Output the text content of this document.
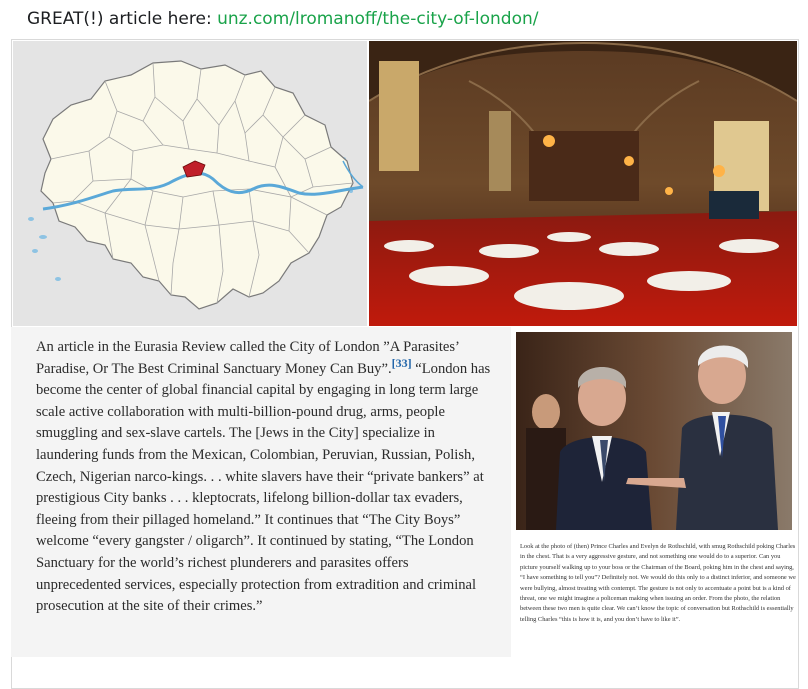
GREAT(!) article here: unz.com/lromanoff/the-city-of-london/
An article in the Eurasia Review called the City of London ”A Parasites’ Paradise, Or The Best Criminal Sanctuary Money Can Buy”.[33] “London has become the center of global financial capital by engaging in long term large scale active collaboration with multi-billion-pound drug, arms, people smuggling and sex-slave cartels. The [Jews in the City] specialize in laundering funds from the Mexican, Colombian, Peruvian, Russian, Polish, Czech, Nigerian narco-kings. . . white slavers have their “private bankers” at prestigious City banks . . . kleptocrats, lifelong billion-dollar tax evaders, fleeing from their pillaged homeland.” It continues that “The City Boys” welcome “every gangster / oligarch”. It continued by stating, “The London Sanctuary for the world’s richest plunderers and parasites offers unprecedented services, especially protection from extradition and criminal prosecution at the site of their crimes.”
Look at the photo of (then) Prince Charles and Evelyn de Rothschild, with smug Rothschild poking Charles in the chest. That is a very aggressive gesture, and not something one would do to a superior. Can you picture yourself walking up to your boss or the Chairman of the Board, poking him in the chest and saying, “I have something to tell you”? Definitely not. We would do this only to a distinct inferior, and someone we were bullying, almost treating with contempt. The gesture is not only to accentuate a point but is a kind of threat, one we might imagine a policeman making when issuing an order. From the photo, the relation between these two men is quite clear. We can’t know the topic of conversation but Rothschild is essentially telling Charles “this is how it is, and you don’t have to like it”.
